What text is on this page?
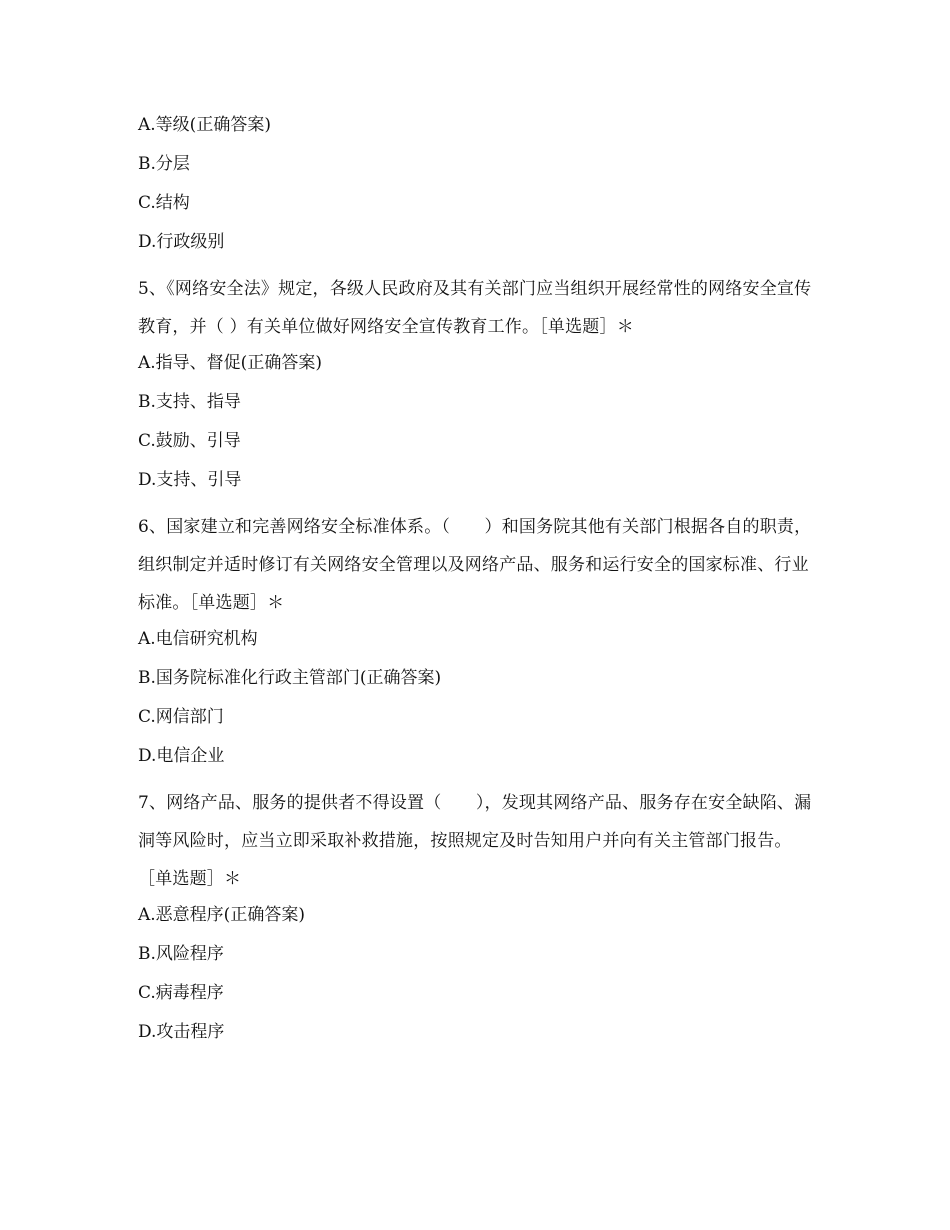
A.等级(正确答案)
B.分层
C.结构
D.行政级别
5、《网络安全法》规定，各级人民政府及其有关部门应当组织开展经常性的网络安全宣传教育，并（ ）有关单位做好网络安全宣传教育工作。［单选题］＊
A.指导、督促(正确答案)
B.支持、指导
C.鼓励、引导
D.支持、引导
6、国家建立和完善网络安全标准体系。（　　）和国务院其他有关部门根据各自的职责，组织制定并适时修订有关网络安全管理以及网络产品、服务和运行安全的国家标准、行业标准。［单选题］＊
A.电信研究机构
B.国务院标准化行政主管部门(正确答案)
C.网信部门
D.电信企业
7、网络产品、服务的提供者不得设置（　　），发现其网络产品、服务存在安全缺陷、漏洞等风险时，应当立即采取补救措施，按照规定及时告知用户并向有关主管部门报告。［单选题］＊
A.恶意程序(正确答案)
B.风险程序
C.病毒程序
D.攻击程序
